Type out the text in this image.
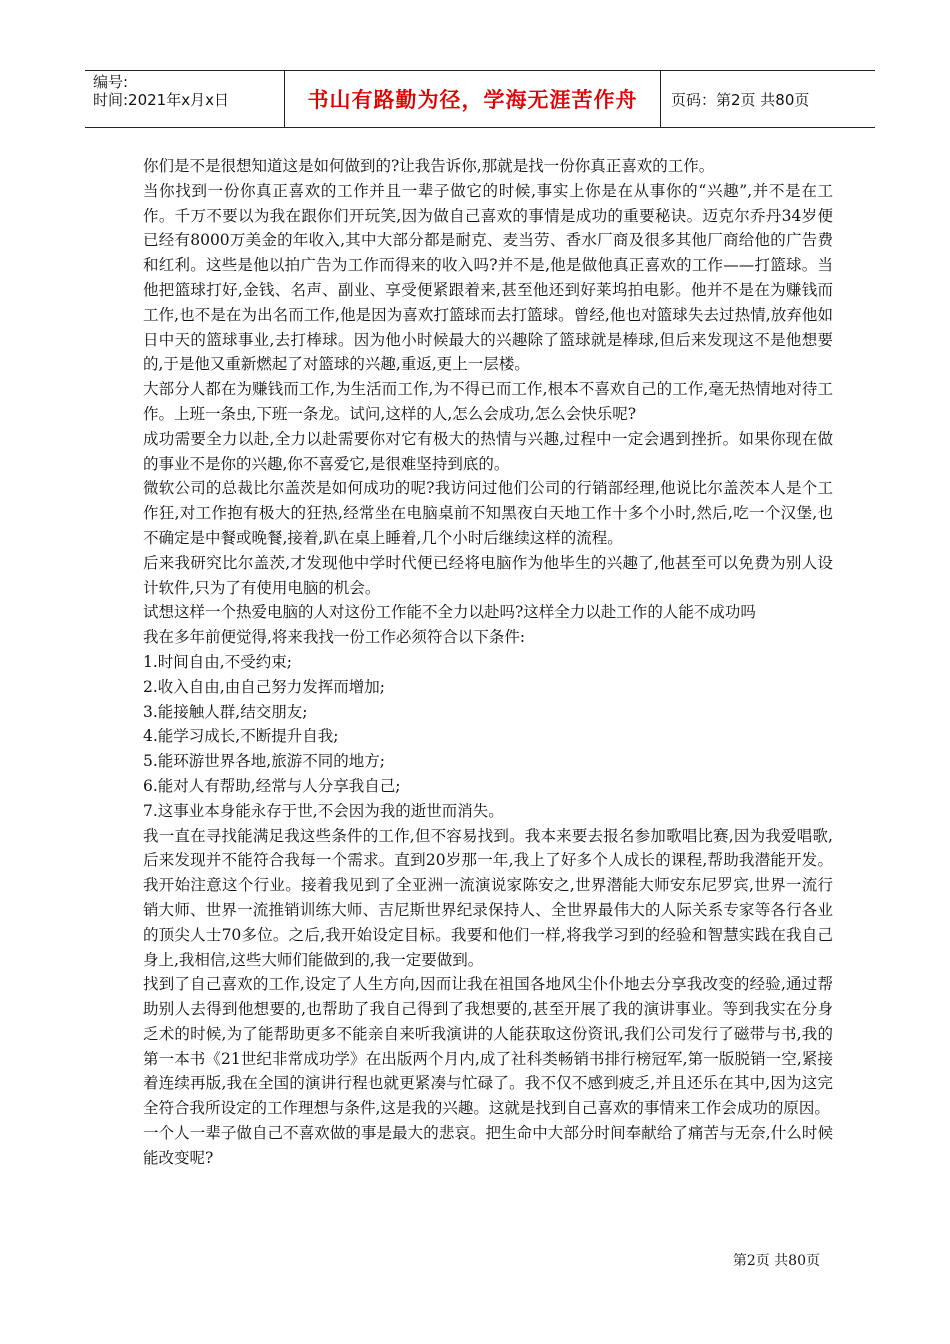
编号:
时间:2021年x月x日	书山有路勤为径，学海无涯苦作舟	页码：第2页 共80页

你们是不是很想知道这是如何做到的?让我告诉你,那就是找一份你真正喜欢的工作。

当你找到一份你真正喜欢的工作并且一辈子做它的时候,事实上你是在从事你的“兴趣”,并不是在工作。千万不要以为我在跟你们开玩笑,因为做自己喜欢的事情是成功的重要秘诀。迈克尔乔丹34岁便已经有8000万美金的年收入,其中大部分都是耐克、麦当劳、香水厂商及很多其他厂商给他的广告费和红利。这些是他以拍广告为工作而得来的收入吗?并不是,他是做他真正喜欢的工作——打篮球。当他把篮球打好,金钱、名声、副业、享受便紧跟着来,甚至他还到好莱坞拍电影。他并不是在为赚钱而工作,也不是在为出名而工作,他是因为喜欢打篮球而去打篮球。曾经,他也对篮球失去过热情,放弃他如日中天的篮球事业,去打棒球。因为他小时候最大的兴趣除了篮球就是棒球,但后来发现这不是他想要的,于是他又重新燃起了对篮球的兴趣,重返,更上一层楼。

大部分人都在为赚钱而工作,为生活而工作,为不得已而工作,根本不喜欢自己的工作,毫无热情地对待工作。上班一条虫,下班一条龙。试问,这样的人,怎么会成功,怎么会快乐呢?

成功需要全力以赴,全力以赴需要你对它有极大的热情与兴趣,过程中一定会遇到挫折。如果你现在做的事业不是你的兴趣,你不喜爱它,是很难坚持到底的。

微软公司的总裁比尔盖茨是如何成功的呢?我访问过他们公司的行销部经理,他说比尔盖茨本人是个工作狂,对工作抱有极大的狂热,经常坐在电脑桌前不知黑夜白天地工作十多个小时,然后,吃一个汉堡,也不确定是中餐或晚餐,接着,趴在桌上睡着,几个小时后继续这样的流程。

后来我研究比尔盖茨,才发现他中学时代便已经将电脑作为他毕生的兴趣了,他甚至可以免费为别人设计软件,只为了有使用电脑的机会。

试想这样一个热爱电脑的人对这份工作能不全力以赴吗?这样全力以赴工作的人能不成功吗

我在多年前便觉得,将来我找一份工作必须符合以下条件:

1.时间自由,不受约束;

2.收入自由,由自己努力发挥而增加;

3.能接触人群,结交朋友;

4.能学习成长,不断提升自我;

5.能环游世界各地,旅游不同的地方;

6.能对人有帮助,经常与人分享我自己;

7.这事业本身能永存于世,不会因为我的逝世而消失。

我一直在寻找能满足我这些条件的工作,但不容易找到。我本来要去报名参加歌唱比赛,因为我爱唱歌,后来发现并不能符合我每一个需求。直到20岁那一年,我上了好多个人成长的课程,帮助我潜能开发。我开始注意这个行业。接着我见到了全亚洲一流演说家陈安之,世界潜能大师安东尼罗宾,世界一流行销大师、世界一流推销训练大师、吉尼斯世界纪录保持人、全世界最伟大的人际关系专家等各行各业的顶尖人士70多位。之后,我开始设定目标。我要和他们一样,将我学习到的经验和智慧实践在我自己身上,我相信,这些大师们能做到的,我一定要做到。

找到了自己喜欢的工作,设定了人生方向,因而让我在祖国各地风尘仆仆地去分享我改变的经验,通过帮助别人去得到他想要的,也帮助了我自己得到了我想要的,甚至开展了我的演讲事业。等到我实在分身乏术的时候,为了能帮助更多不能亲自来听我演讲的人能获取这份资讯,我们公司发行了磁带与书,我的第一本书《21世纪非常成功学》在出版两个月内,成了社科类畅销书排行榜冠军,第一版脱销一空,紧接着连续再版,我在全国的演讲行程也就更紧凑与忙碌了。我不仅不感到疲乏,并且还乐在其中,因为这完全符合我所设定的工作理想与条件,这是我的兴趣。这就是找到自己喜欢的事情来工作会成功的原因。

一个人一辈子做自己不喜欢做的事是最大的悲哀。把生命中大部分时间奉献给了痛苦与无奈,什么时候能改变呢?

第2页 共80页
